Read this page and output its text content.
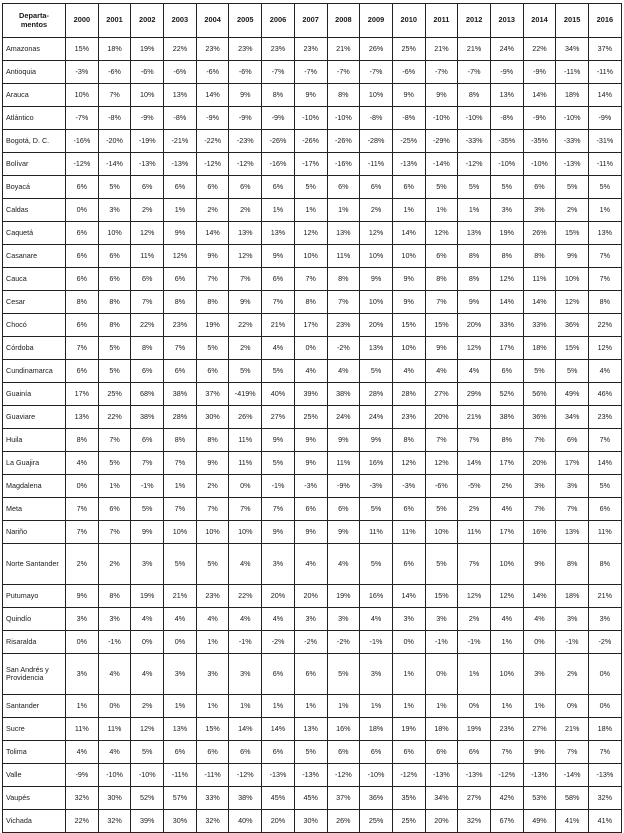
Departa-
mentos	2000	2001	2002	2003	2004	2005	2006	2007	2008	2009	2010	2011	2012	2013	2014	2015	2016
Amazonas	15%	18%	19%	22%	23%	23%	23%	23%	21%	26%	25%	21%	21%	24%	22%	34%	37%
Antioquia	-3%	-6%	-6%	-6%	-6%	-6%	-7%	-7%	-7%	-7%	-6%	-7%	-7%	-9%	-9%	-11%	-11%
Arauca	10%	7%	10%	13%	14%	9%	8%	9%	8%	10%	9%	9%	8%	13%	14%	18%	14%
Atlántico	-7%	-8%	-9%	-8%	-9%	-9%	-9%	-10%	-10%	-8%	-8%	-10%	-10%	-8%	-9%	-10%	-9%
Bogotá, D. C.	-16%	-20%	-19%	-21%	-22%	-23%	-26%	-26%	-26%	-28%	-25%	-29%	-33%	-35%	-35%	-33%	-31%
Bolívar	-12%	-14%	-13%	-13%	-12%	-12%	-16%	-17%	-16%	-11%	-13%	-14%	-12%	-10%	-10%	-13%	-11%
Boyacá	6%	5%	6%	6%	6%	6%	6%	5%	6%	6%	6%	5%	5%	5%	6%	5%	5%
Caldas	0%	3%	2%	1%	2%	2%	1%	1%	1%	2%	1%	1%	1%	3%	3%	2%	1%
Caquetá	6%	10%	12%	9%	14%	13%	13%	12%	13%	12%	14%	12%	13%	19%	26%	15%	13%
Casanare	6%	6%	11%	12%	9%	12%	9%	10%	11%	10%	10%	6%	8%	8%	8%	9%	7%
Cauca	6%	6%	6%	6%	7%	7%	6%	7%	8%	9%	9%	8%	8%	12%	11%	10%	7%
Cesar	8%	8%	7%	8%	8%	9%	7%	8%	7%	10%	9%	7%	9%	14%	14%	12%	8%
Chocó	6%	8%	22%	23%	19%	22%	21%	17%	23%	20%	15%	15%	20%	33%	33%	36%	22%
Córdoba	7%	5%	8%	7%	5%	2%	4%	0%	-2%	13%	10%	9%	12%	17%	18%	15%	12%
Cundinamarca	6%	5%	6%	6%	6%	5%	5%	4%	4%	5%	4%	4%	4%	6%	5%	5%	4%
Guainía	17%	25%	68%	38%	37%	-419%	40%	39%	38%	28%	28%	27%	29%	52%	56%	49%	46%
Guaviare	13%	22%	38%	28%	30%	26%	27%	25%	24%	24%	23%	20%	21%	38%	36%	34%	23%
Huila	8%	7%	6%	8%	8%	11%	9%	9%	9%	9%	8%	7%	7%	8%	7%	6%	7%
La Guajira	4%	5%	7%	7%	9%	11%	5%	9%	11%	16%	12%	12%	14%	17%	20%	17%	14%
Magdalena	0%	1%	-1%	1%	2%	0%	-1%	-3%	-9%	-3%	-3%	-6%	-5%	2%	3%	3%	5%
Meta	7%	6%	5%	7%	7%	7%	7%	6%	6%	5%	6%	5%	2%	4%	7%	7%	6%
Nariño	7%	7%	9%	10%	10%	10%	9%	9%	9%	11%	11%	10%	11%	17%	16%	13%	11%
Norte Santander	2%	2%	3%	5%	5%	4%	3%	4%	4%	5%	6%	5%	7%	10%	9%	8%	8%
Putumayo	9%	8%	19%	21%	23%	22%	20%	20%	19%	16%	14%	15%	12%	12%	14%	18%	21%
Quindío	3%	3%	4%	4%	4%	4%	4%	3%	3%	4%	3%	3%	2%	4%	4%	3%	3%
Risaralda	0%	-1%	0%	0%	1%	-1%	-2%	-2%	-2%	-1%	0%	-1%	-1%	1%	0%	-1%	-2%
San Andrés y Providencia	3%	4%	4%	3%	3%	3%	6%	6%	5%	3%	1%	0%	1%	10%	3%	2%	0%
Santander	1%	0%	2%	1%	1%	1%	1%	1%	1%	1%	1%	1%	0%	1%	1%	0%	0%
Sucre	11%	11%	12%	13%	15%	14%	14%	13%	16%	18%	19%	18%	19%	23%	27%	21%	18%
Tolima	4%	4%	5%	6%	6%	6%	6%	5%	6%	6%	6%	6%	6%	7%	9%	7%	7%
Valle	-9%	-10%	-10%	-11%	-11%	-12%	-13%	-13%	-12%	-10%	-12%	-13%	-13%	-12%	-13%	-14%	-13%
Vaupés	32%	30%	52%	57%	33%	38%	45%	45%	37%	36%	35%	34%	27%	42%	53%	58%	32%
Vichada	22%	32%	39%	30%	32%	40%	20%	30%	26%	25%	25%	20%	32%	67%	49%	41%	41%
